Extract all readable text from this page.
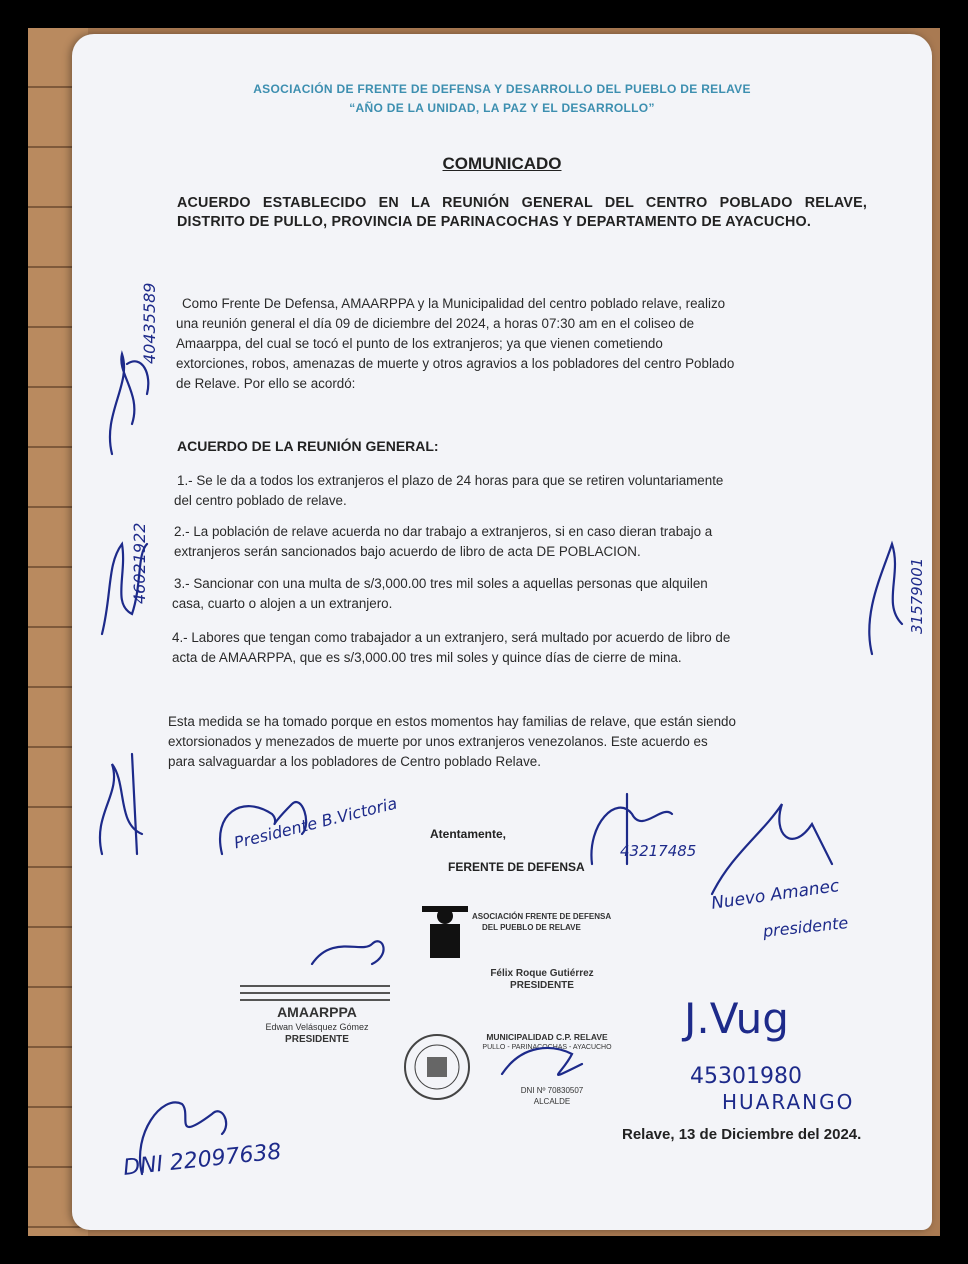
ASOCIACIÓN DE FRENTE DE DEFENSA Y DESARROLLO DEL PUEBLO DE RELAVE
“AÑO DE LA UNIDAD, LA PAZ Y EL DESARROLLO”
COMUNICADO
ACUERDO ESTABLECIDO EN LA REUNIÓN GENERAL DEL CENTRO POBLADO RELAVE, DISTRITO DE PULLO, PROVINCIA DE PARINACOCHAS Y DEPARTAMENTO DE AYACUCHO.
Como Frente De Defensa, AMAARPPA y la Municipalidad del centro poblado relave, realizo
una reunión general el día 09 de diciembre del 2024, a horas 07:30 am en el coliseo de
Amaarppa, del cual se tocó el punto de los extranjeros; ya que vienen cometiendo
extorciones, robos, amenazas de muerte y otros agravios a los pobladores del centro Poblado
de Relave. Por ello se acordó:
ACUERDO DE LA REUNIÓN GENERAL:
1.- Se le da a todos los extranjeros el plazo de 24 horas para que se retiren voluntariamente
del centro poblado de relave.
2.- La población de relave acuerda no dar trabajo a extranjeros, si en caso dieran trabajo a
extranjeros serán sancionados bajo acuerdo de libro de acta DE POBLACION.
3.- Sancionar con una multa de s/3,000.00 tres mil soles a aquellas personas que alquilen
casa, cuarto o alojen a un extranjero.
4.- Labores que tengan como trabajador a un extranjero, será multado por acuerdo de libro de
acta de AMAARPPA, que es s/3,000.00 tres mil soles y quince días de cierre de mina.
Esta medida se ha tomado porque en estos momentos hay familias de relave, que están siendo
extorsionados y menezados de muerte por unos extranjeros venezolanos. Este acuerdo es
para salvaguardar a los pobladores de Centro poblado Relave.
Atentamente,
FERENTE DE DEFENSA
ASOCIACIÓN FRENTE DE DEFENSA
DEL PUEBLO DE RELAVE
Félix Roque Gutiérrez
PRESIDENTE
AMAARPPA
Edwan Velásquez Gómez
PRESIDENTE	MUNICIPALIDAD C.P. RELAVE
PULLO - PARINACOCHAS - AYACUCHO
DNI Nº 70830507
ALCALDE
Relave, 13 de Diciembre del 2024.
40435589
46021922	31579001
Presidente B.Victoria	43217485
Nuevo Amanec
presidente
J.Vug
45301980
HUARANGO
DNI 22097638
